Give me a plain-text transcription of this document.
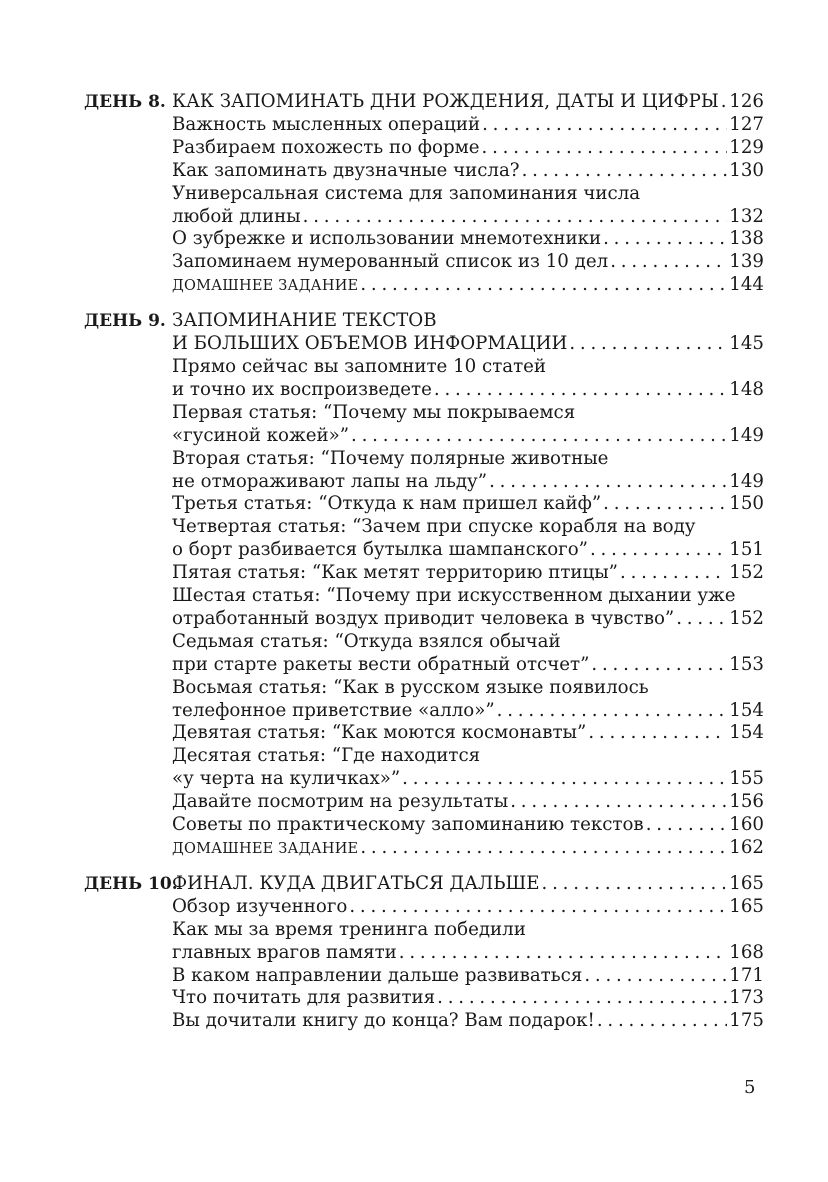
ДЕНЬ 8. КАК ЗАПОМИНАТЬ ДНИ РОЖДЕНИЯ, ДАТЫ И ЦИФРЫ . . . 126
Важность мысленных операций . . .	127
Разбираем похожесть по форме . . .	129
Как запоминать двузначные числа? . . .	130
Универсальная система для запоминания числа
любой длины . . .	132
О зубрежке и использовании мнемотехники . . .	138
Запоминаем нумерованный список из 10 дел . . .	139
ДОМАШНЕЕ ЗАДАНИЕ . . .	144
ДЕНЬ 9. ЗАПОМИНАНИЕ ТЕКСТОВ
И БОЛЬШИХ ОБЪЕМОВ ИНФОРМАЦИИ . . .	145
Прямо сейчас вы запомните 10 статей
и точно их воспроизведете . . .	148
Первая статья: “Почему мы покрываемся
«гусиной кожей»” . . .	149
Вторая статья: “Почему полярные животные
не отмораживают лапы на льду” . . .	149
Третья статья: “Откуда к нам пришел кайф” . . .	150
Четвертая статья: “Зачем при спуске корабля на воду
о борт разбивается бутылка шампанского” . . .	151
Пятая статья: “Как метят территорию птицы” . . .	152
Шестая статья: “Почему при искусственном дыхании уже
отработанный воздух приводит человека в чувство” . . .	152
Седьмая статья: “Откуда взялся обычай
при старте ракеты вести обратный отсчет” . . .	153
Восьмая статья: “Как в русском языке появилось
телефонное приветствие «алло»” . . .	154
Девятая статья: “Как моются космонавты” . . .	154
Десятая статья: “Где находится
«у черта на куличках»” . . .	155
Давайте посмотрим на результаты . . .	156
Советы по практическому запоминанию текстов . . .	160
ДОМАШНЕЕ ЗАДАНИЕ . . .	162
ДЕНЬ 10.
ФИНАЛ. КУДА ДВИГАТЬСЯ ДАЛЬШЕ . . .	165
Обзор изученного . . .	165
Как мы за время тренинга победили
главных врагов памяти . . .	168
В каком направлении дальше развиваться . . .	171
Что почитать для развития . . .	173
Вы дочитали книгу до конца? Вам подарок! . . .	175
5
